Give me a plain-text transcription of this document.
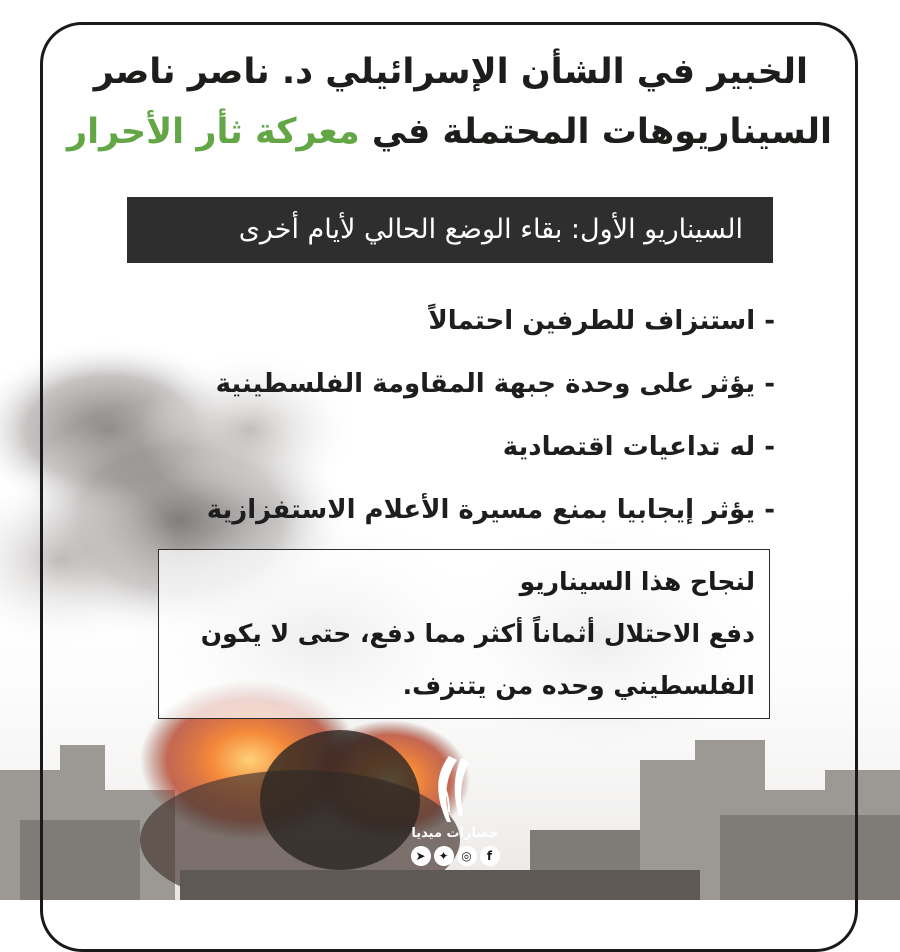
الخبير في الشأن الإسرائيلي د. ناصر ناصر
السيناريوهات المحتملة في معركة ثأر الأحرار
السيناريو الأول: بقاء الوضع الحالي لأيام أخرى
- استنزاف للطرفين احتمالاً
- يؤثر على وحدة جبهة المقاومة الفلسطينية
- له تداعيات اقتصادية
- يؤثر إيجابيا بمنع مسيرة الأعلام الاستفزازية
لنجاح هذا السيناريو
دفع الاحتلال أثماناً أكثر مما دفع، حتى لا يكون
الفلسطيني وحده من يتنزف.
حضارات ميديا
➤	✦	◎	f
